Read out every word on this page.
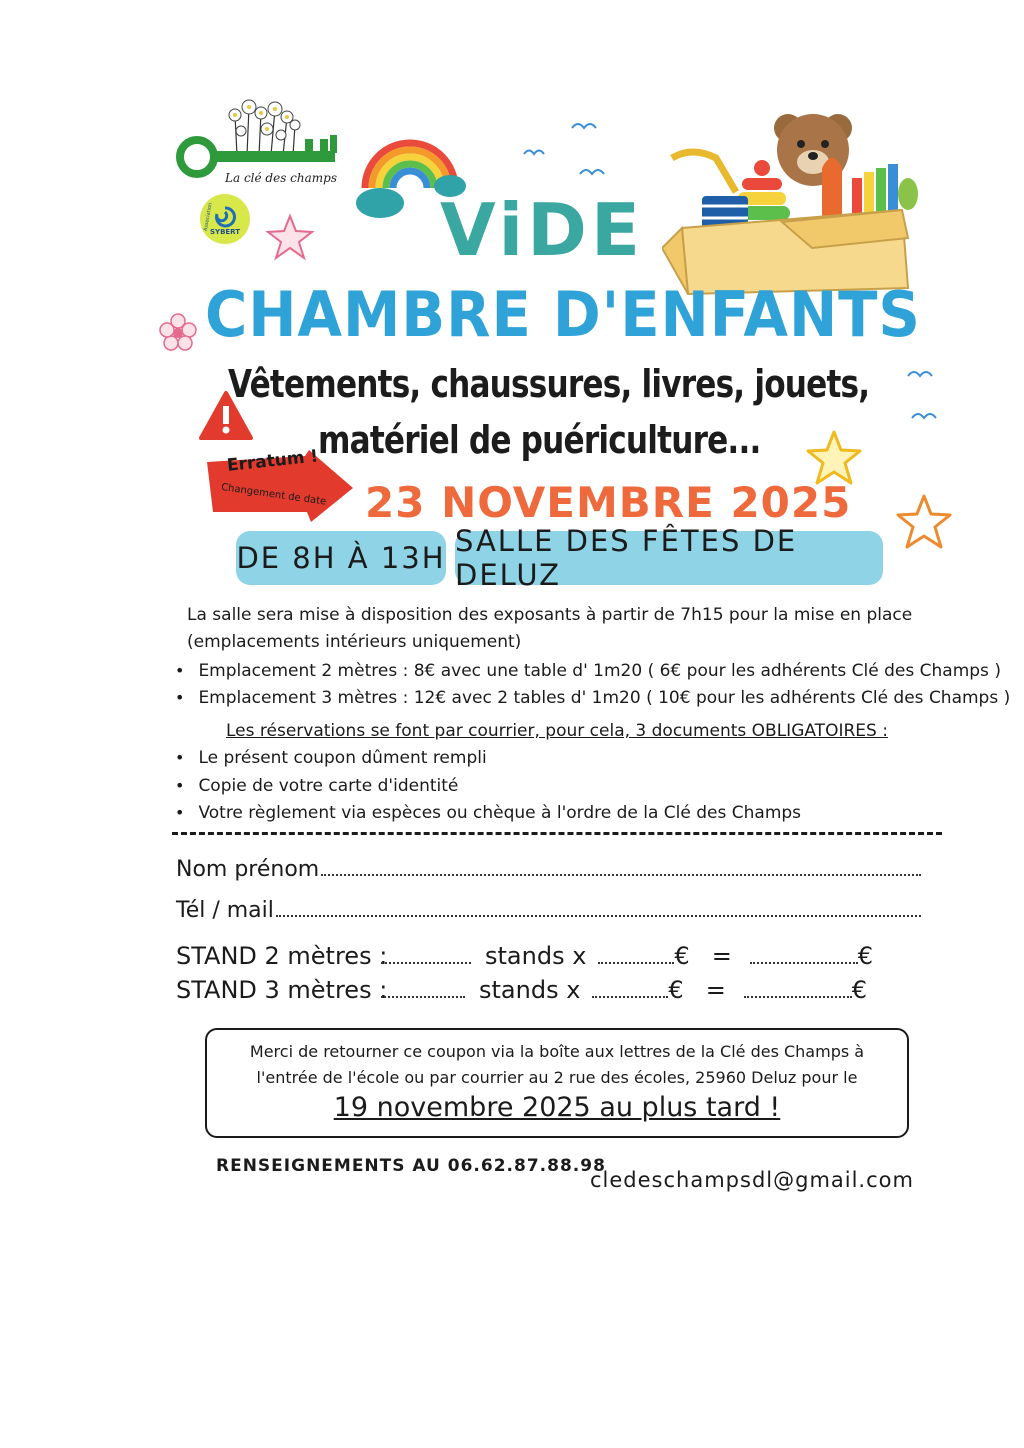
La clé des champs
SYBERT
Association	ViDE
CHAMBRE D'ENFANTS
Vêtements, chaussures, livres, jouets,
matériel de puériculture...
Erratum !
Changement de date 23 NOVEMBRE 2025
DE 8H À 13H SALLE DES FÊTES DE DELUZ
La salle sera mise à disposition des exposants à partir de 7h15 pour la mise en place
(emplacements intérieurs uniquement)
• Emplacement 2 mètres : 8€ avec une table d' 1m20 ( 6€ pour les adhérents Clé des Champs )
• Emplacement 3 mètres : 12€ avec 2 tables d' 1m20 ( 10€ pour les adhérents Clé des Champs )
Les réservations se font par courrier, pour cela, 3 documents OBLIGATOIRES :
• Le présent coupon dûment rempli
• Copie de votre carte d'identité
• Votre règlement via espèces ou chèque à l'ordre de la Clé des Champs
Nom prénom
Tél / mail
STAND 2 mètres :	stands x	€ =	€
STAND 3 mètres :	stands x	€ =	€
Merci de retourner ce coupon via la boîte aux lettres de la Clé des Champs à
l'entrée de l'école ou par courrier au 2 rue des écoles, 25960 Deluz pour le
19 novembre 2025 au plus tard !
RENSEIGNEMENTS AU 06.62.87.88.98
cledeschampsdl@gmail.com
